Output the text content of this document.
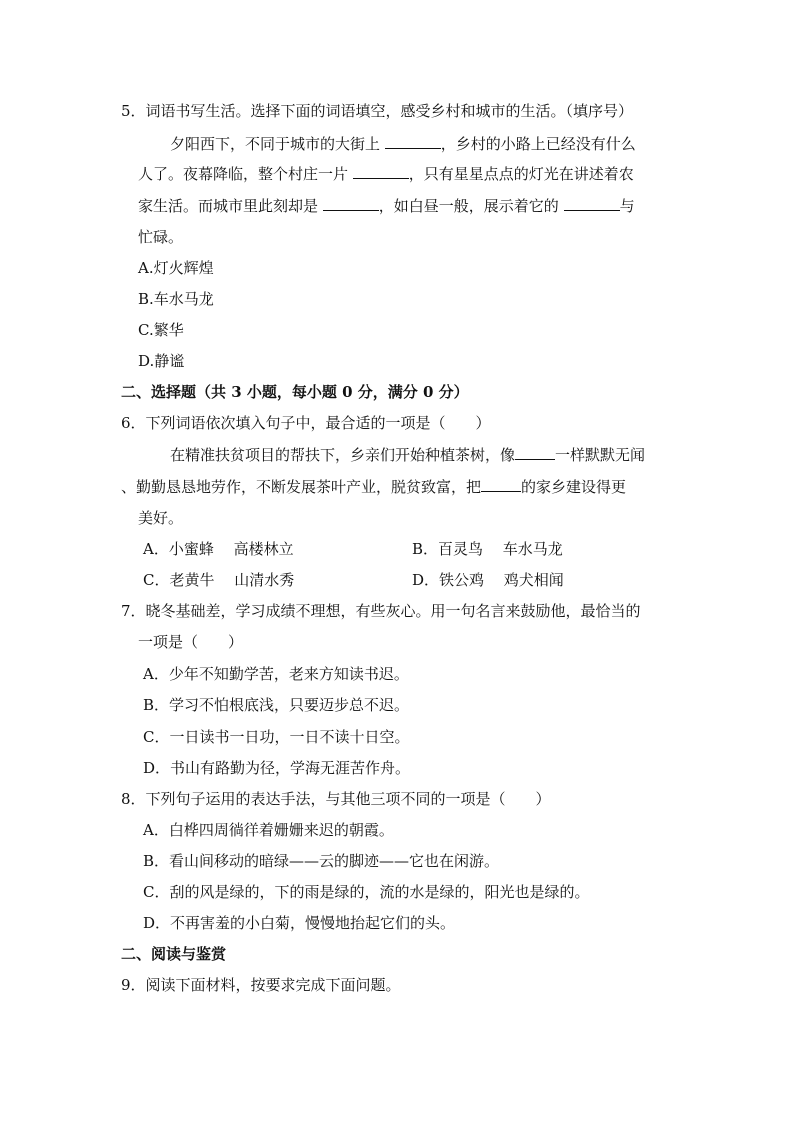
5．词语书写生活。选择下面的词语填空，感受乡村和城市的生活。（填序号）
夕阳西下，不同于城市的大街上	，乡村的小路上已经没有什么
人了。夜幕降临，整个村庄一片	，只有星星点点的灯光在讲述着农
家生活。而城市里此刻却是	，如白昼一般，展示着它的	与
忙碌。
A.灯火辉煌
B.车水马龙
C.繁华
D.静谧
二、选择题（共 3 小题，每小题 0 分，满分 0 分）
6．下列词语依次填入句子中，最合适的一项是（　　）
在精准扶贫项目的帮扶下，乡亲们开始种植茶树，像	一样默默无闻
、勤勤恳恳地劳作，不断发展茶叶产业，脱贫致富，把	的家乡建设得更
美好。
A．小蜜蜂　 高楼林立	B．百灵鸟　 车水马龙
C．老黄牛　 山清水秀	D．铁公鸡　 鸡犬相闻
7．晓冬基础差，学习成绩不理想，有些灰心。用一句名言来鼓励他，最恰当的
一项是（　　）
A．少年不知勤学苦，老来方知读书迟。
B．学习不怕根底浅，只要迈步总不迟。
C．一日读书一日功，一日不读十日空。
D．书山有路勤为径，学海无涯苦作舟。
8．下列句子运用的表达手法，与其他三项不同的一项是（　　）
A．白桦四周徜徉着姗姗来迟的朝霞。
B．看山间移动的暗绿——云的脚迹——它也在闲游。
C．刮的风是绿的，下的雨是绿的，流的水是绿的，阳光也是绿的。
D．不再害羞的小白菊，慢慢地抬起它们的头。
二、阅读与鉴赏
9．阅读下面材料，按要求完成下面问题。
